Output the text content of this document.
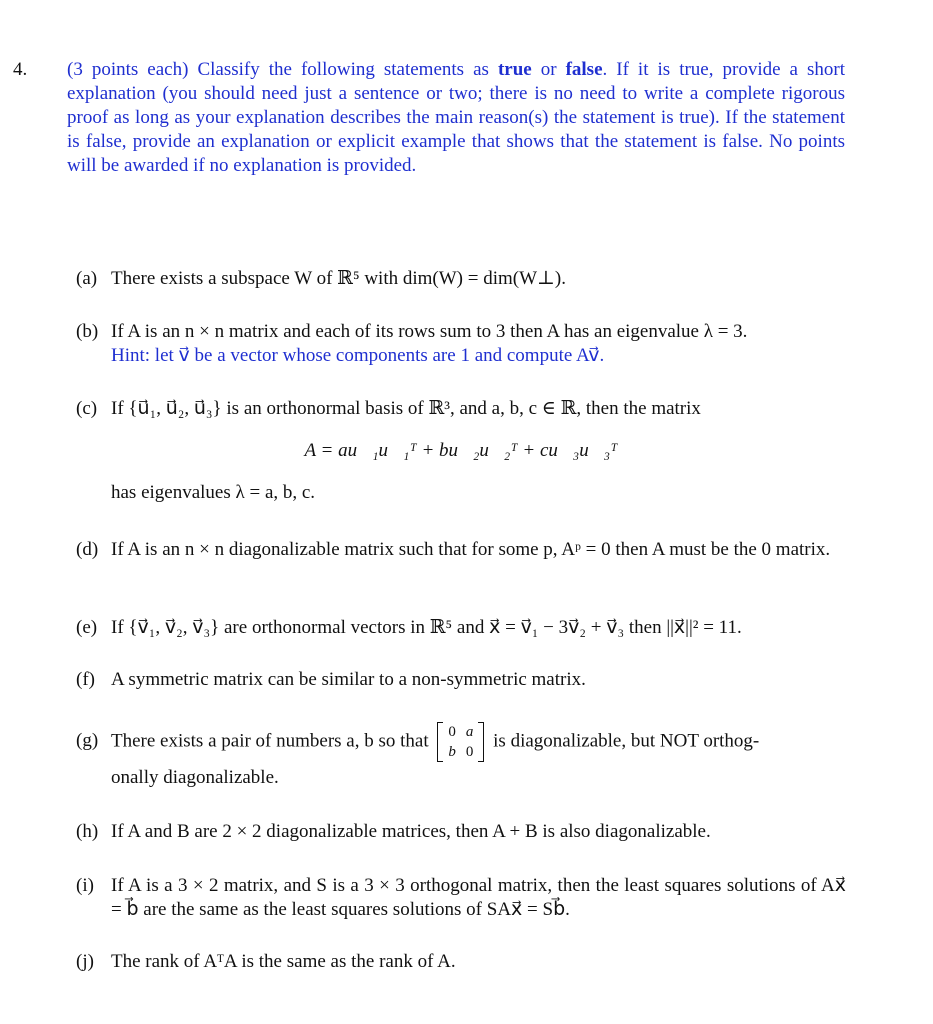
4. (3 points each) Classify the following statements as true or false. If it is true, provide a short explanation (you should need just a sentence or two; there is no need to write a complete rigorous proof as long as your explanation describes the main reason(s) the statement is true). If the statement is false, provide an explanation or explicit example that shows that the statement is false. No points will be awarded if no explanation is provided.
(a) There exists a subspace W of ℝ⁵ with dim(W) = dim(W⊥).
(b) If A is an n × n matrix and each of its rows sum to 3 then A has an eigenvalue λ = 3.
Hint: let v⃗ be a vector whose components are 1 and compute Av⃗.
(c) If {u⃗₁, u⃗₂, u⃗₃} is an orthonormal basis of ℝ³, and a, b, c ∈ ℝ, then the matrix
A = au⃗₁u⃗₁ᵀ + bu⃗₂u⃗₂ᵀ + cu⃗₃u⃗₃ᵀ
has eigenvalues λ = a, b, c.
(d) If A is an n × n diagonalizable matrix such that for some p, Aᵖ = 0 then A must be the 0 matrix.
(e) If {v⃗₁, v⃗₂, v⃗₃} are orthonormal vectors in ℝ⁵ and x⃗ = v⃗₁ − 3v⃗₂ + v⃗₃ then ||x⃗||² = 11.
(f) A symmetric matrix can be similar to a non-symmetric matrix.
(g) There exists a pair of numbers a, b so that 0	a
b	0
is diagonalizable, but NOT orthog-
onally diagonalizable.
(h) If A and B are 2 × 2 diagonalizable matrices, then A + B is also diagonalizable.
(i) If A is a 3 × 2 matrix, and S is a 3 × 3 orthogonal matrix, then the least squares solutions of Ax⃗ = b⃗ are the same as the least squares solutions of SAx⃗ = Sb⃗.
(j) The rank of AᵀA is the same as the rank of A.
